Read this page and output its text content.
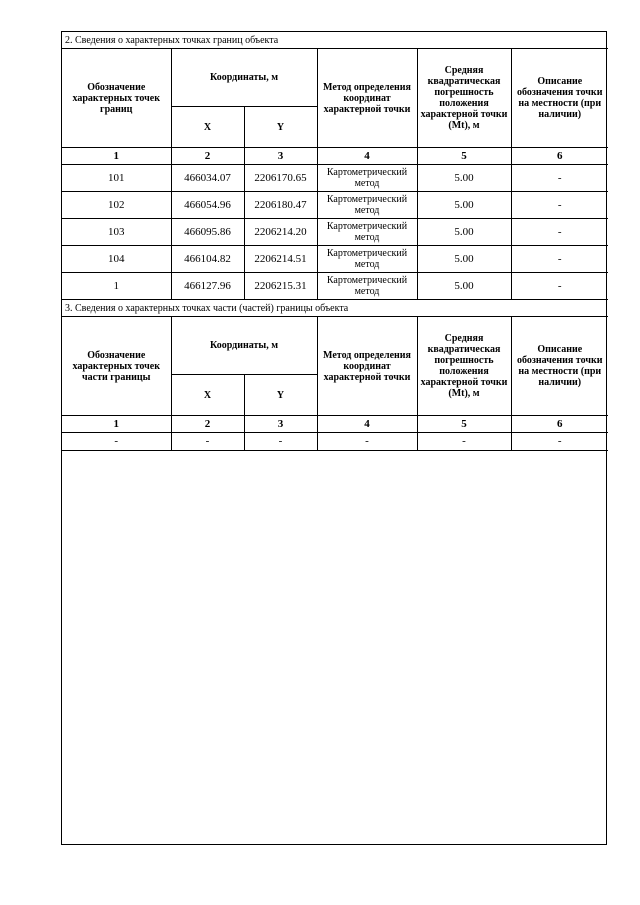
2. Сведения о характерных точках границ объекта					
Обозначение характерных точек границ	Координаты, м		Метод определения координат характерной точки	Средняя квадратическая погрешность положения характерной точки (Mt), м	Описание обозначения точки на местности (при наличии)
	X	Y			
1	2	3	4	5	6
101	466034.07	2206170.65	Картометрический метод	5.00	-
102	466054.96	2206180.47	Картометрический метод	5.00	-
103	466095.86	2206214.20	Картометрический метод	5.00	-
104	466104.82	2206214.51	Картометрический метод	5.00	-
1	466127.96	2206215.31	Картометрический метод	5.00	-
3. Сведения о характерных точках части (частей) границы объекта					
Обозначение характерных точек части границы	Координаты, м		Метод определения координат характерной точки	Средняя квадратическая погрешность положения характерной точки (Mt), м	Описание обозначения точки на местности (при наличии)
	X	Y			
1	2	3	4	5	6
-	-	-	-	-	-
